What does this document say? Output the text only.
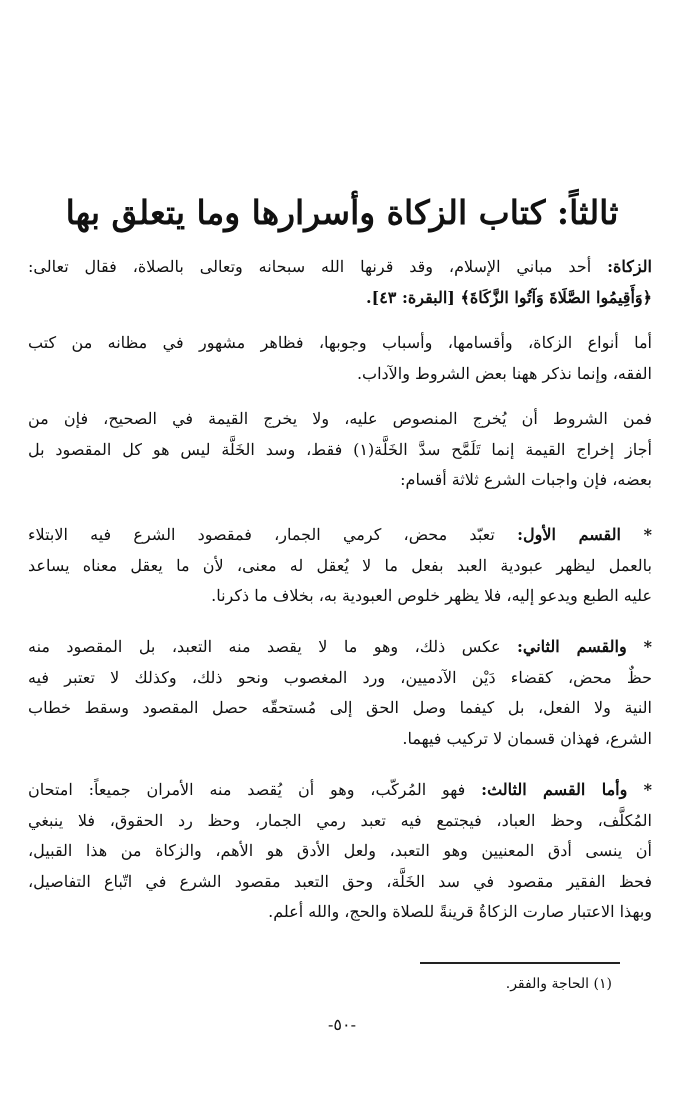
ثالثاً: كتاب الزكاة وأسرارها وما يتعلق بها
الزكاة: أحد مباني الإسلام، وقد قرنها الله سبحانه وتعالى بالصلاة، فقال تعالى:
﴿وَأَقِيمُوا الصَّلَاةَ وَآتُوا الزَّكَاةَ﴾ [البقرة: ٤٣].
أما أنواع الزكاة، وأقسامها، وأسباب وجوبها، فظاهر مشهور في مظانه من كتب
الفقه، وإنما نذكر ههنا بعض الشروط والآداب.
فمن الشروط أن يُخرج المنصوص عليه، ولا يخرج القيمة في الصحيح، فإن من
أجاز إخراج القيمة إنما تَلَمَّح سدَّ الخَلَّة(١) فقط، وسد الخَلَّة ليس هو كل المقصود بل
بعضه، فإن واجبات الشرع ثلاثة أقسام:
* القسم الأول: تعبّد محض، كرمي الجمار، فمقصود الشرع فيه الابتلاء
بالعمل ليظهر عبودية العبد بفعل ما لا يُعقل له معنى، لأن ما يعقل معناه يساعد
عليه الطبع ويدعو إليه، فلا يظهر خلوص العبودية به، بخلاف ما ذكرنا.
* والقسم الثاني: عكس ذلك، وهو ما لا يقصد منه التعبد، بل المقصود منه
حظٌ محض، كقضاء دَيْن الآدميين، ورد المغصوب ونحو ذلك، وكذلك لا تعتبر فيه
النية ولا الفعل، بل كيفما وصل الحق إلى مُستحقّه حصل المقصود وسقط خطاب
الشرع، فهذان قسمان لا تركيب فيهما.
* وأما القسم الثالث: فهو المُركّب، وهو أن يُقصد منه الأمران جميعاً: امتحان
المُكلَّف، وحظ العباد، فيجتمع فيه تعبد رمي الجمار، وحظ رد الحقوق، فلا ينبغي
أن ينسى أدق المعنيين وهو التعبد، ولعل الأدق هو الأهم، والزكاة من هذا القبيل،
فحظ الفقير مقصود في سد الخَلَّة، وحق التعبد مقصود الشرع في اتّباع التفاصيل،
وبهذا الاعتبار صارت الزكاةُ قرينةً للصلاة والحج، والله أعلم.
(١) الحاجة والفقر.
-٥٠-
